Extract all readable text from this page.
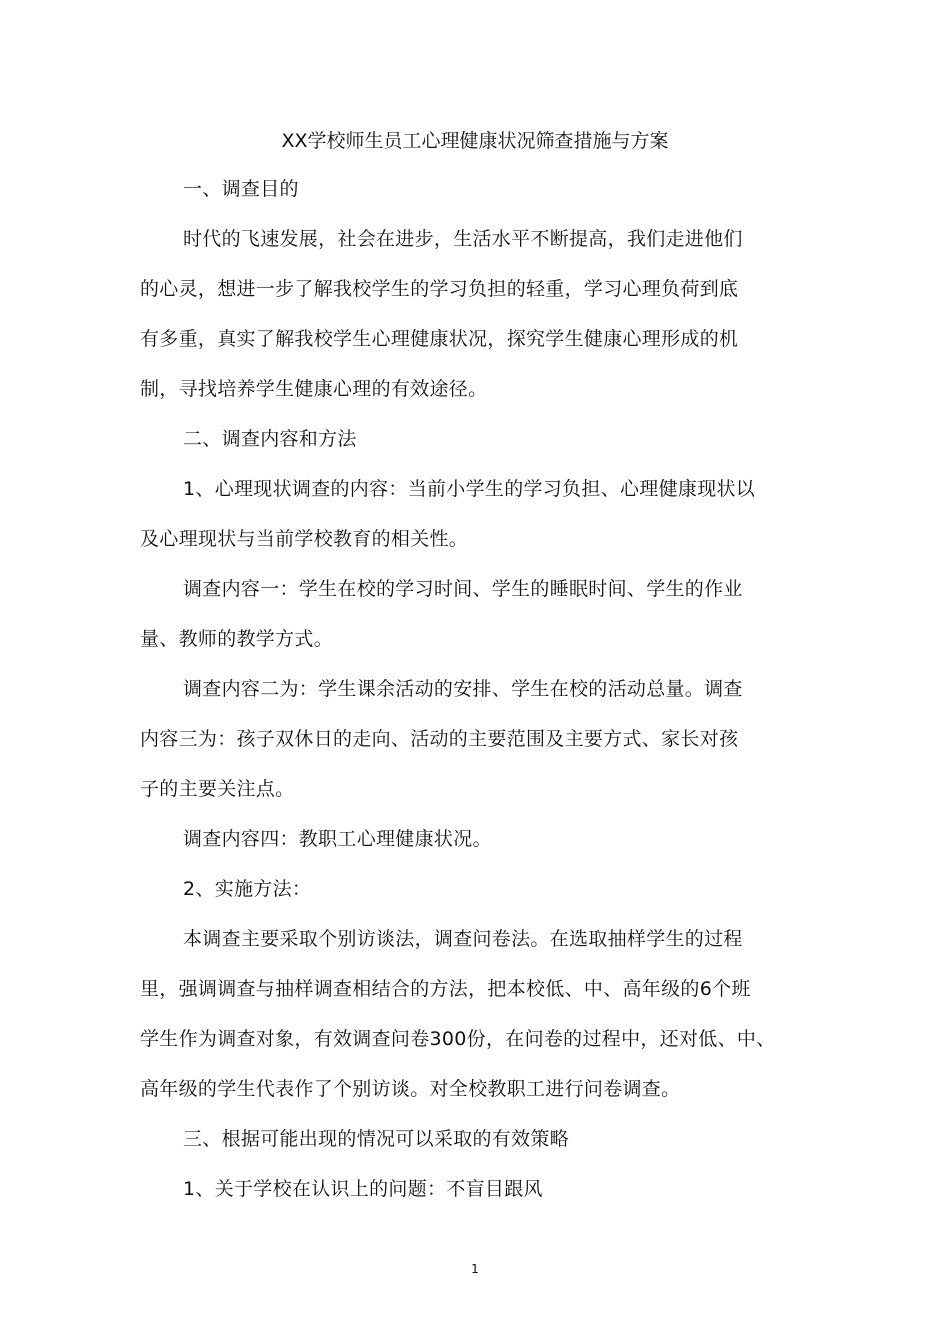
XX学校师生员工心理健康状况筛查措施与方案
一、调查目的
时代的飞速发展，社会在进步，生活水平不断提高，我们走进他们
的心灵，想进一步了解我校学生的学习负担的轻重，学习心理负荷到底
有多重，真实了解我校学生心理健康状况，探究学生健康心理形成的机
制，寻找培养学生健康心理的有效途径。
二、调查内容和方法
1、心理现状调查的内容：当前小学生的学习负担、心理健康现状以
及心理现状与当前学校教育的相关性。
调查内容一：学生在校的学习时间、学生的睡眠时间、学生的作业
量、教师的教学方式。
调查内容二为：学生课余活动的安排、学生在校的活动总量。调查
内容三为：孩子双休日的走向、活动的主要范围及主要方式、家长对孩
子的主要关注点。
调查内容四：教职工心理健康状况。
2、实施方法：
本调查主要采取个别访谈法，调查问卷法。在选取抽样学生的过程
里，强调调查与抽样调查相结合的方法，把本校低、中、高年级的6个班
学生作为调查对象，有效调查问卷300份，在问卷的过程中，还对低、中、
高年级的学生代表作了个别访谈。对全校教职工进行问卷调查。
三、根据可能出现的情况可以采取的有效策略
1、关于学校在认识上的问题：不盲目跟风
1
